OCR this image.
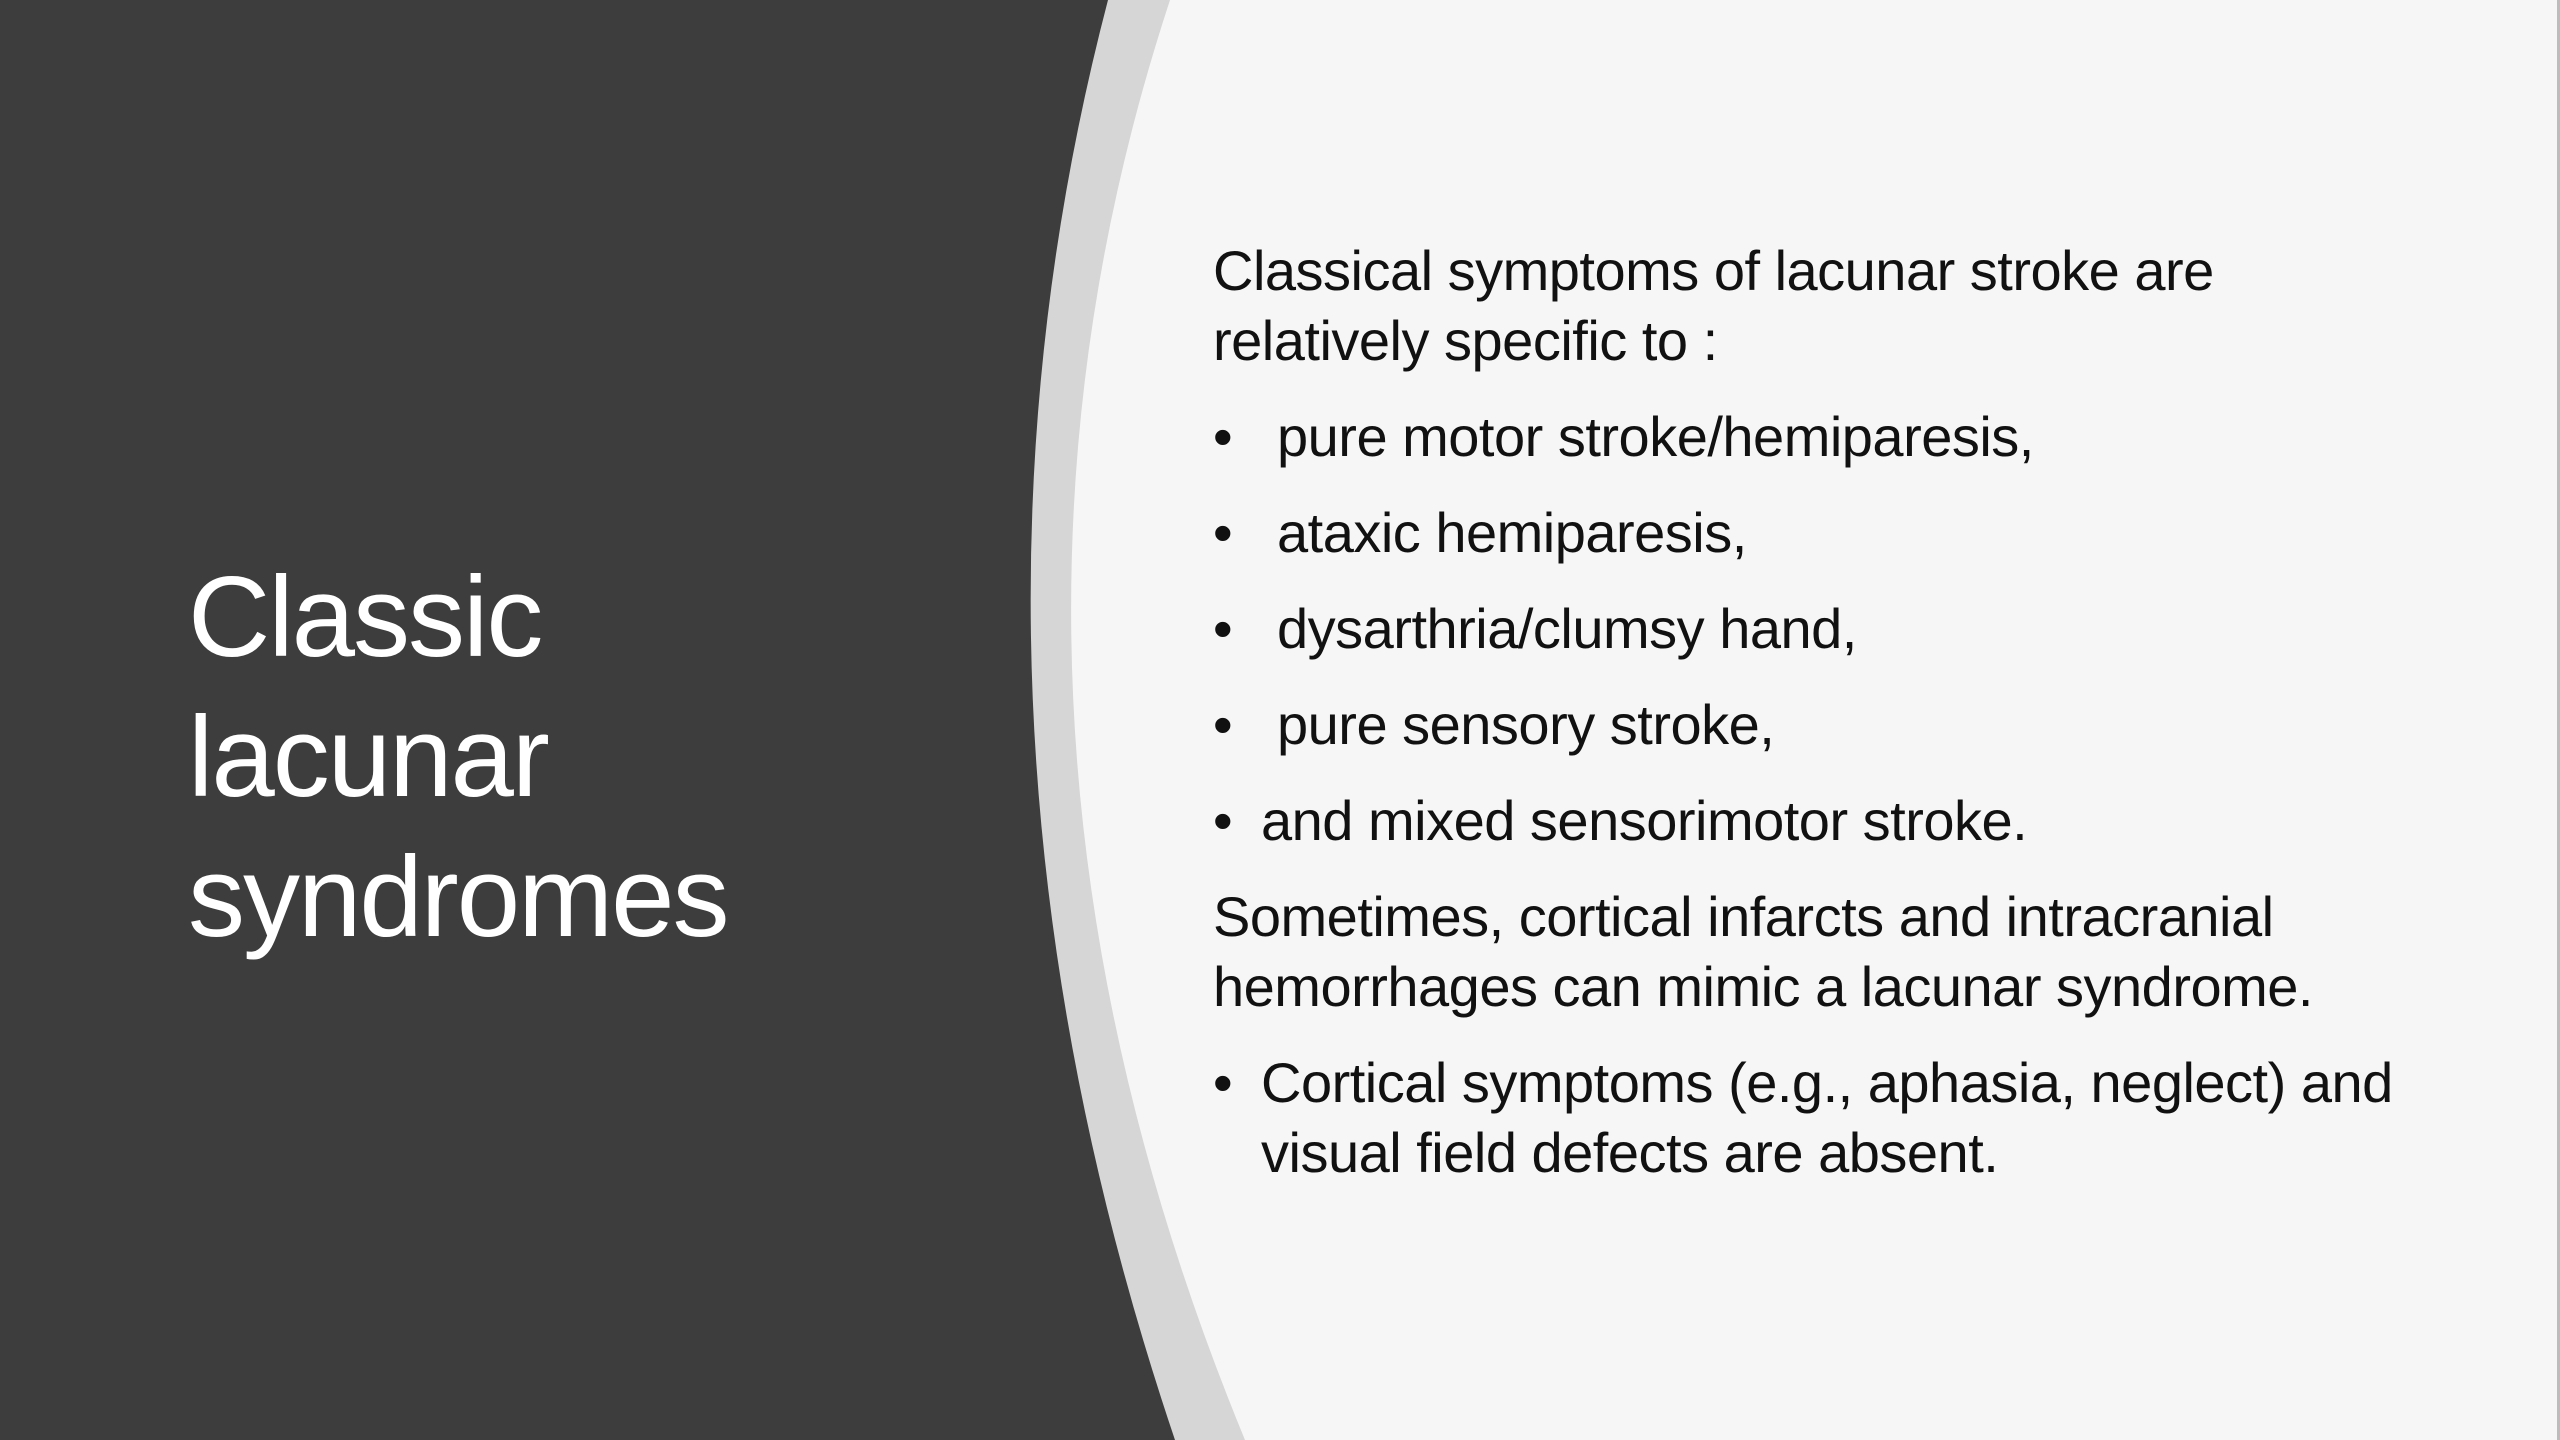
Classic
lacunar
syndromes
Classical symptoms of lacunar stroke are
relatively specific to :
• pure motor stroke/hemiparesis,
• ataxic hemiparesis,
• dysarthria/clumsy hand,
• pure sensory stroke,
• and mixed sensorimotor stroke.
Sometimes, cortical infarcts and intracranial
hemorrhages can mimic a lacunar syndrome.
• Cortical symptoms (e.g., aphasia, neglect) and
visual field defects are absent.
